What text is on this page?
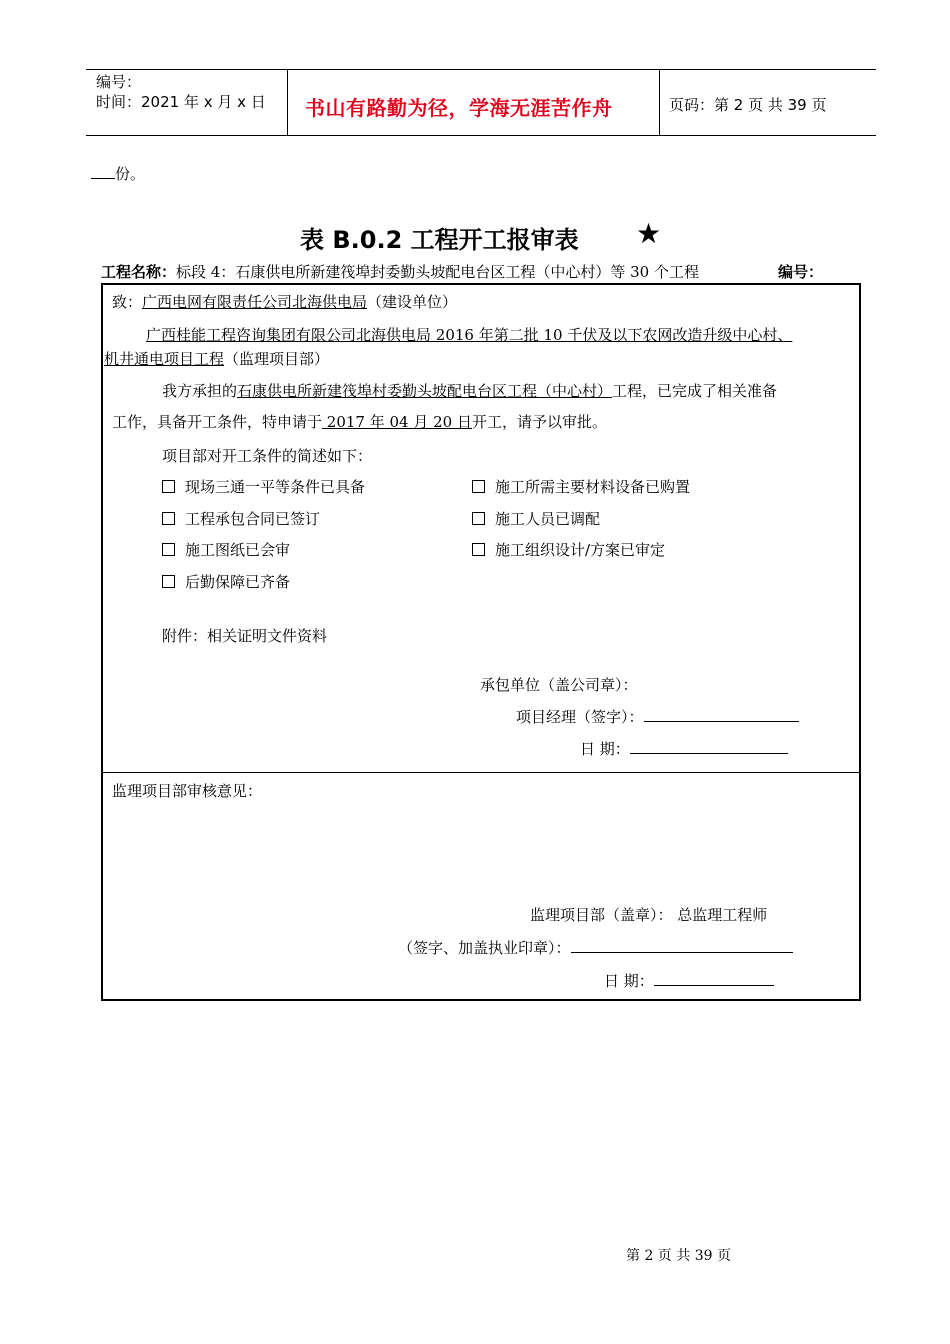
编号：
时间：2021 年 x 月 x 日 书山有路勤为径，学海无涯苦作舟	页码：第 2 页 共 39 页
份。
表 B.0.2 工程开工报审表 ★
工程名称：标段 4：石康供电所新建筏埠封委勤头坡配电台区工程（中心村）等 30 个工程	编号：
致：广西电网有限责任公司北海供电局（建设单位）
广西桂能工程咨询集团有限公司北海供电局 2016 年第二批 10 千伏及以下农网改造升级中心村、
机井通电项目工程（监理项目部）
我方承担的石康供电所新建筏埠村委勤头坡配电台区工程（中心村）工程，已完成了相关准备
工作，具备开工条件，特申请于 2017 年 04 月 20 日开工，请予以审批。
项目部对开工条件的简述如下：
现场三通一平等条件已具备	施工所需主要材料设备已购置
工程承包合同已签订	施工人员已调配
施工图纸已会审	施工组织设计/方案已审定
后勤保障已齐备
附件：相关证明文件资料
承包单位（盖公司章）：
项目经理（签字）：
日 期：
监理项目部审核意见：
监理项目部（盖章）： 总监理工程师
（签字、加盖执业印章）：
日 期：
第 2 页 共 39 页
